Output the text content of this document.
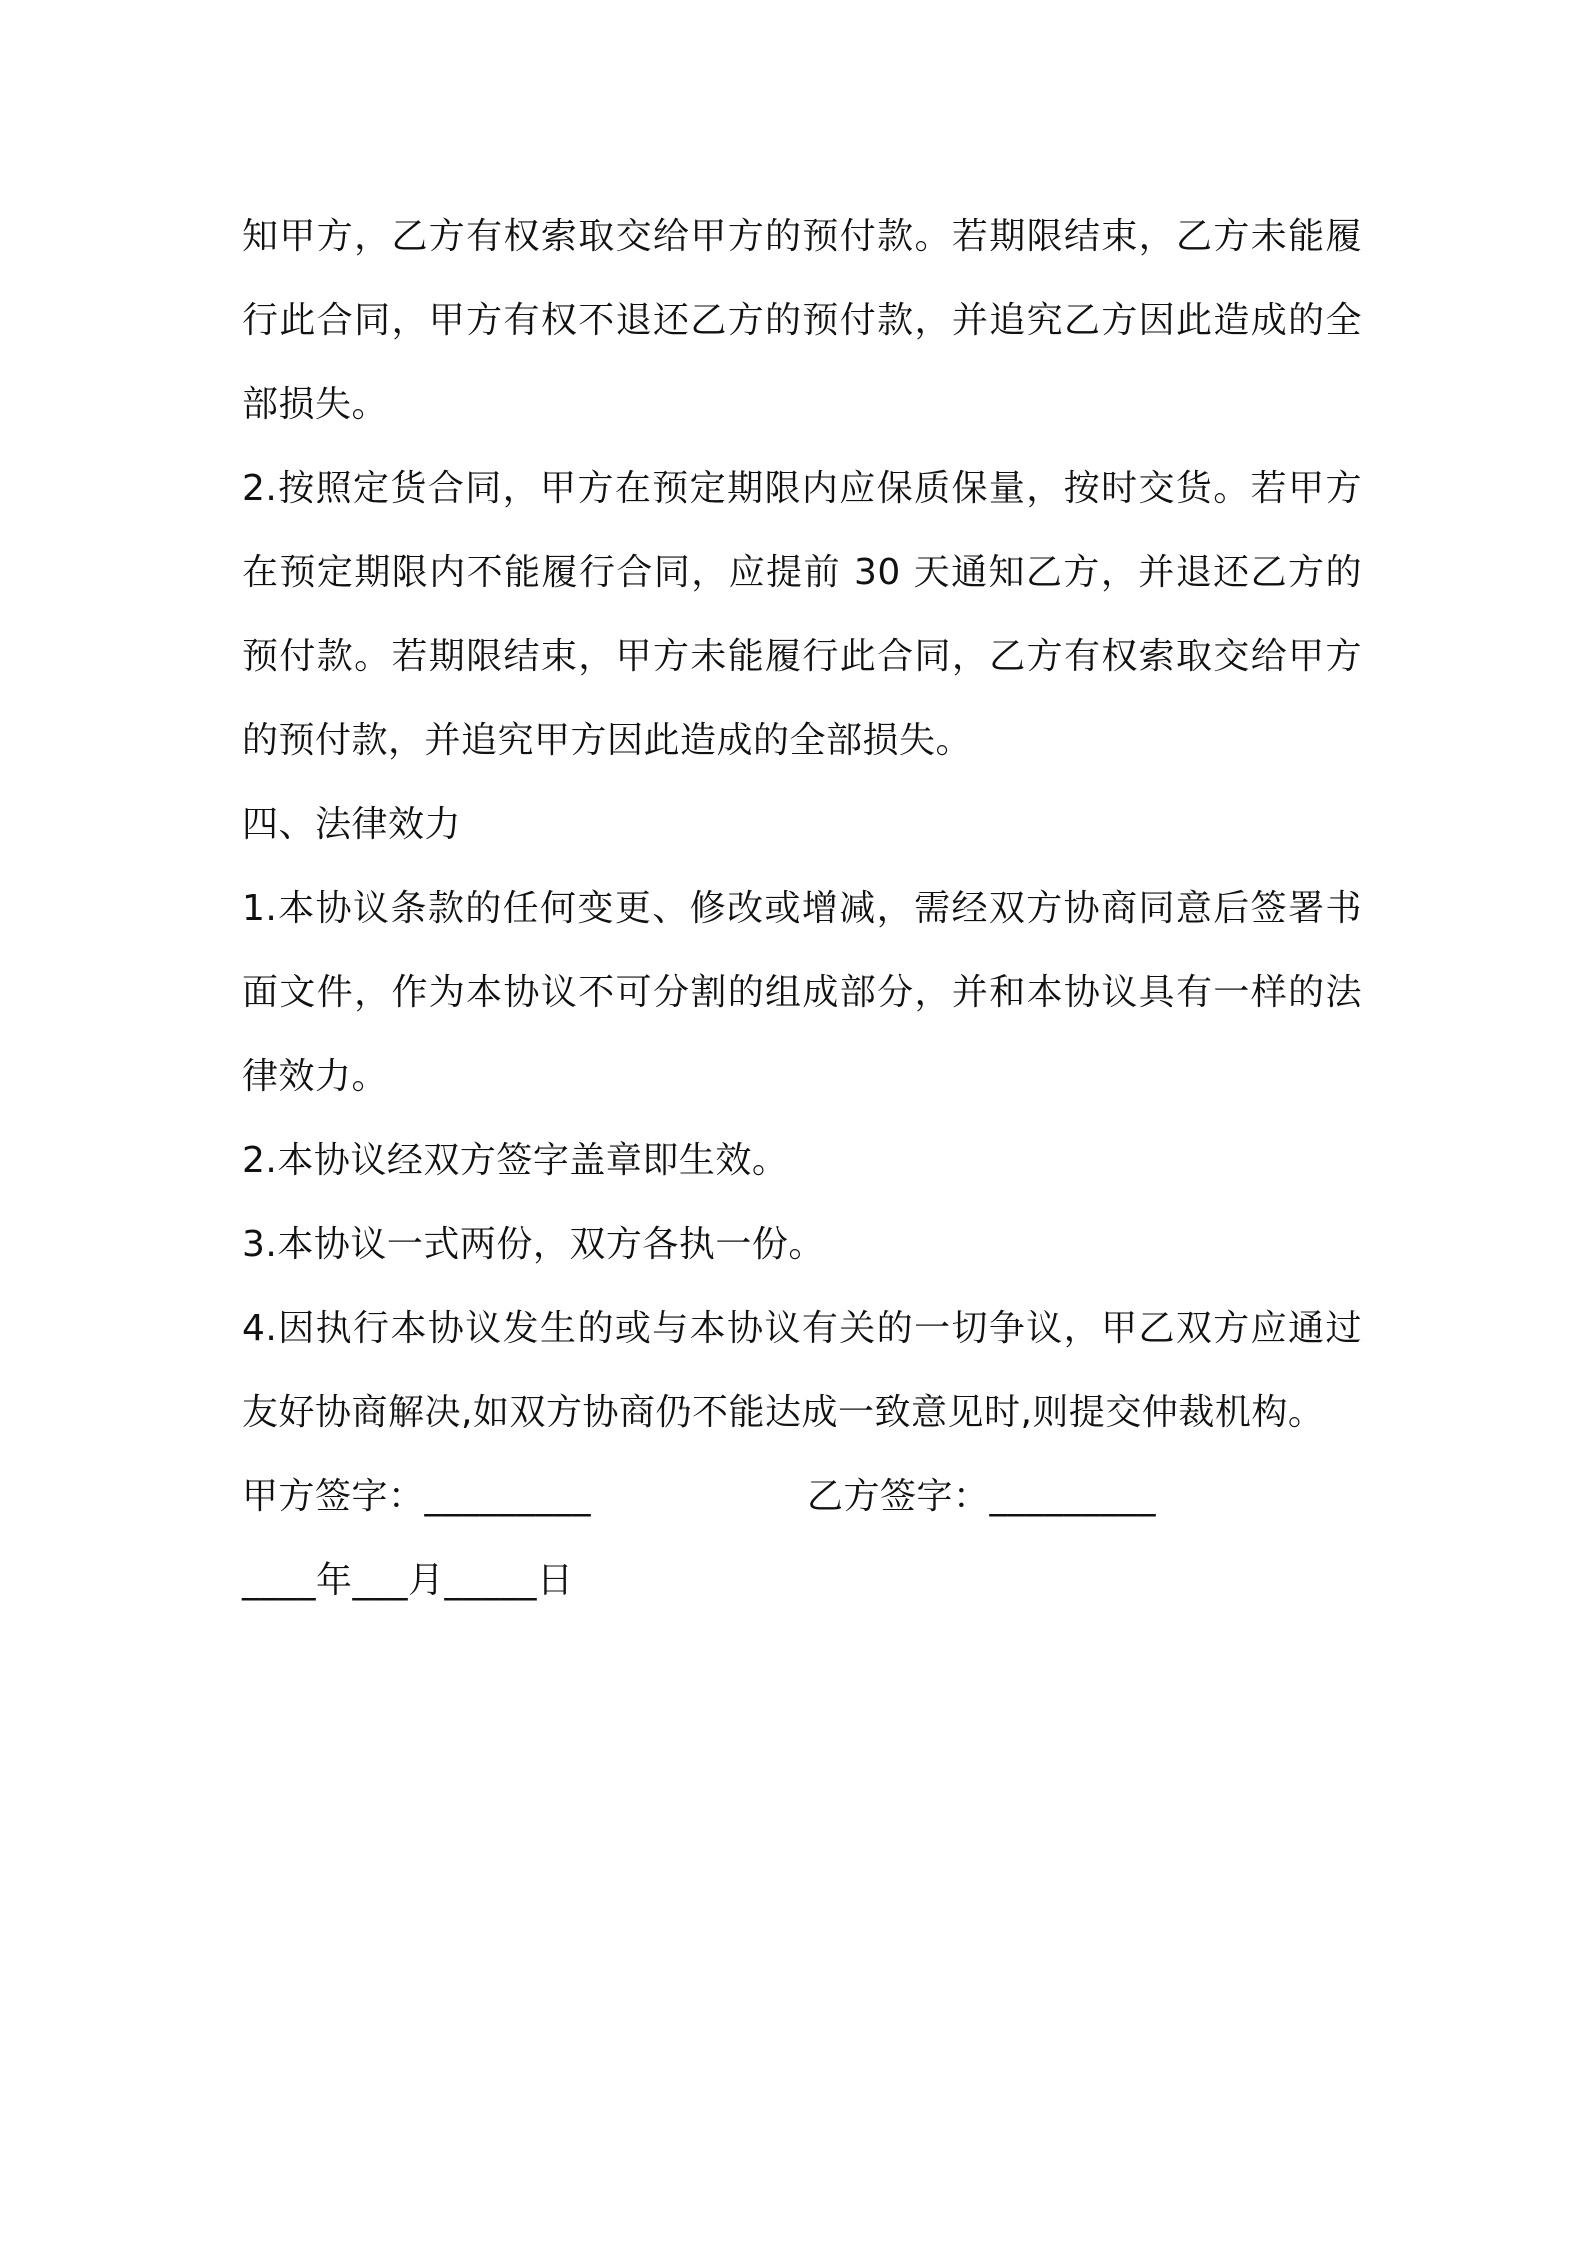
知甲方，乙方有权索取交给甲方的预付款。若期限结束，乙方未能履行此合同，甲方有权不退还乙方的预付款，并追究乙方因此造成的全部损失。

2.按照定货合同，甲方在预定期限内应保质保量，按时交货。若甲方在预定期限内不能履行合同，应提前 30 天通知乙方，并退还乙方的预付款。若期限结束，甲方未能履行此合同，乙方有权索取交给甲方的预付款，并追究甲方因此造成的全部损失。

四、法律效力

1.本协议条款的任何变更、修改或增减，需经双方协商同意后签署书面文件，作为本协议不可分割的组成部分，并和本协议具有一样的法律效力。

2.本协议经双方签字盖章即生效。

3.本协议一式两份，双方各执一份。

4.因执行本协议发生的或与本协议有关的一切争议，甲乙双方应通过友好协商解决,如双方协商仍不能达成一致意见时,则提交仲裁机构。

甲方签字：_________	乙方签字：_________
____年___月_____日
